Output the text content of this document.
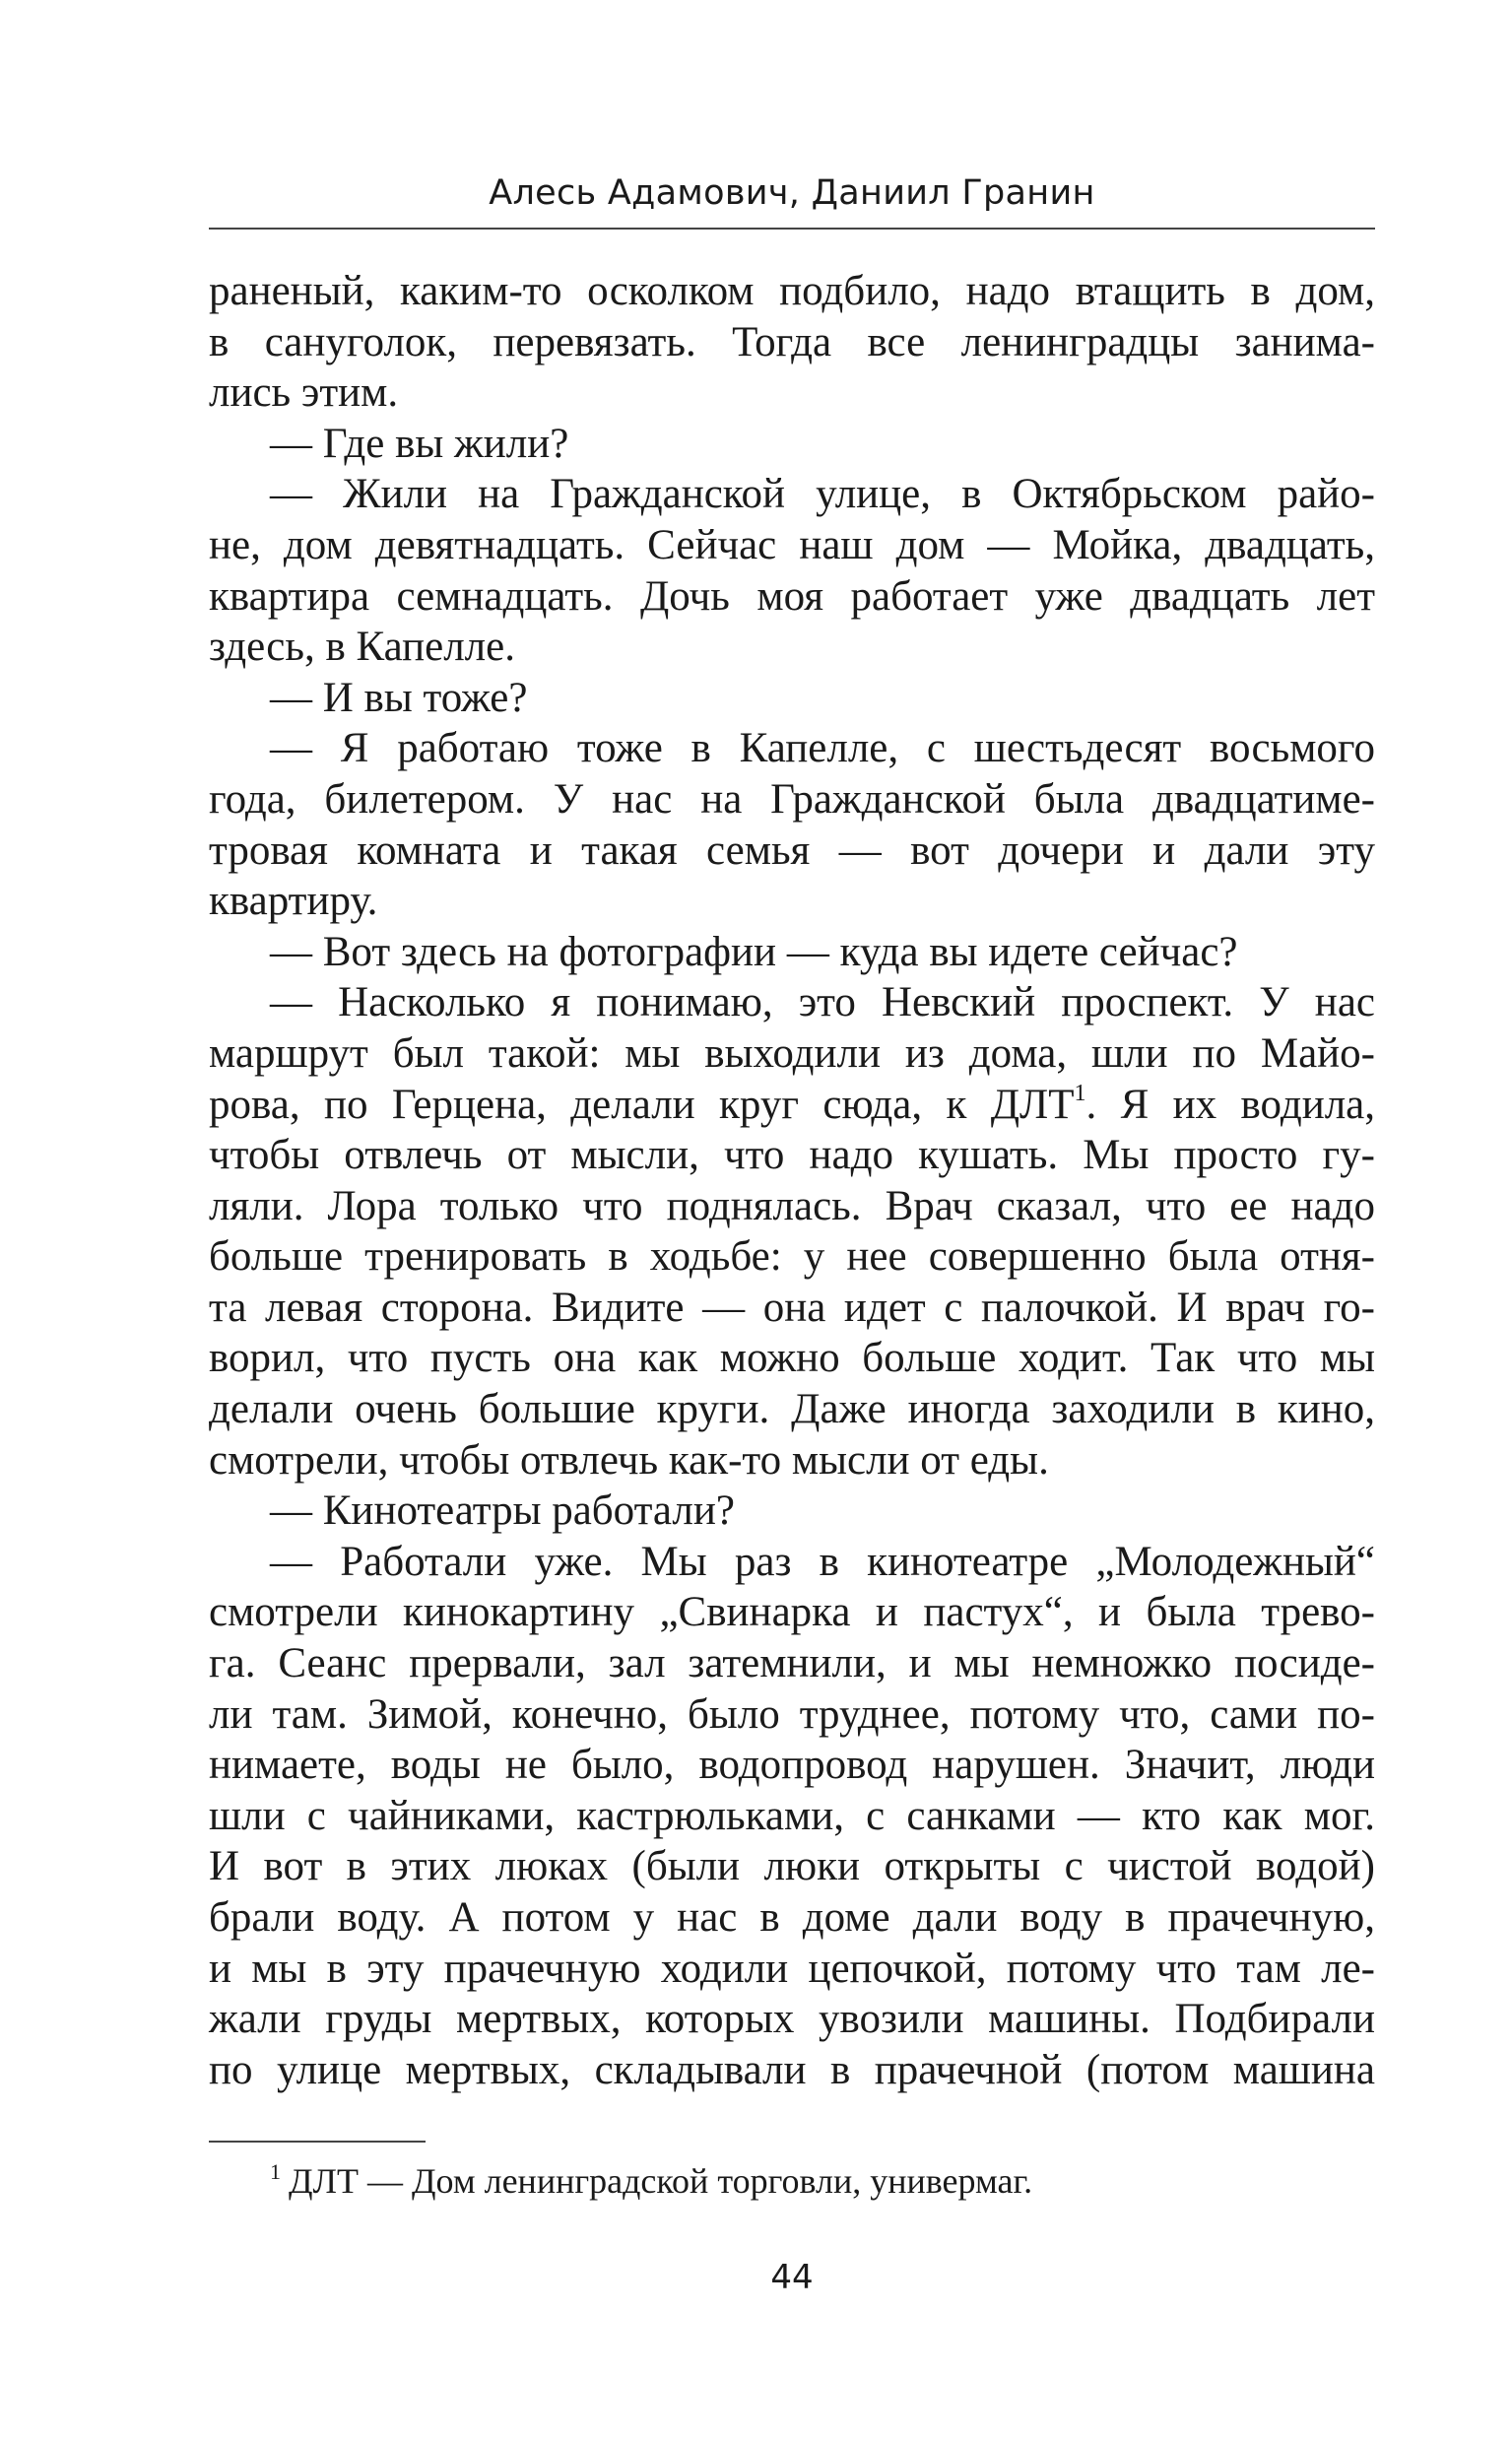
Алесь Адамович, Даниил Гранин
раненый, каким-то осколком подбило, надо втащить в дом,
в сануголок, перевязать. Тогда все ленинградцы занима-
лись этим.
— Где вы жили?
— Жили на Гражданской улице, в Октябрьском райо-
не, дом девятнадцать. Сейчас наш дом — Мойка, двадцать,
квартира семнадцать. Дочь моя работает уже двадцать лет
здесь, в Капелле.
— И вы тоже?
— Я работаю тоже в Капелле, с шестьдесят восьмого
года, билетером. У нас на Гражданской была двадцатиме-
тровая комната и такая семья — вот дочери и дали эту
квартиру.
— Вот здесь на фотографии — куда вы идете сейчас?
— Насколько я понимаю, это Невский проспект. У нас
маршрут был такой: мы выходили из дома, шли по Майо-
рова, по Герцена, делали круг сюда, к ДЛТ$^1$. Я их водила,
чтобы отвлечь от мысли, что надо кушать. Мы просто гу-
ляли. Лора только что поднялась. Врач сказал, что ее надо
больше тренировать в ходьбе: у нее совершенно была отня-
та левая сторона. Видите — она идет с палочкой. И врач го-
ворил, что пусть она как можно больше ходит. Так что мы
делали очень большие круги. Даже иногда заходили в кино,
смотрели, чтобы отвлечь как-то мысли от еды.
— Кинотеатры работали?
— Работали уже. Мы раз в кинотеатре „Молодежный“
смотрели кинокартину „Свинарка и пастух“, и была трево-
га. Сеанс прервали, зал затемнили, и мы немножко посиде-
ли там. Зимой, конечно, было труднее, потому что, сами по-
нимаете, воды не было, водопровод нарушен. Значит, люди
шли с чайниками, кастрюльками, с санками — кто как мог.
И вот в этих люках (были люки открыты с чистой водой)
брали воду. А потом у нас в доме дали воду в прачечную,
и мы в эту прачечную ходили цепочкой, потому что там ле-
жали груды мертвых, которых увозили машины. Подбирали
по улице мертвых, складывали в прачечной (потом машина
$^1$ ДЛТ — Дом ленинградской торговли, универмаг.
44
